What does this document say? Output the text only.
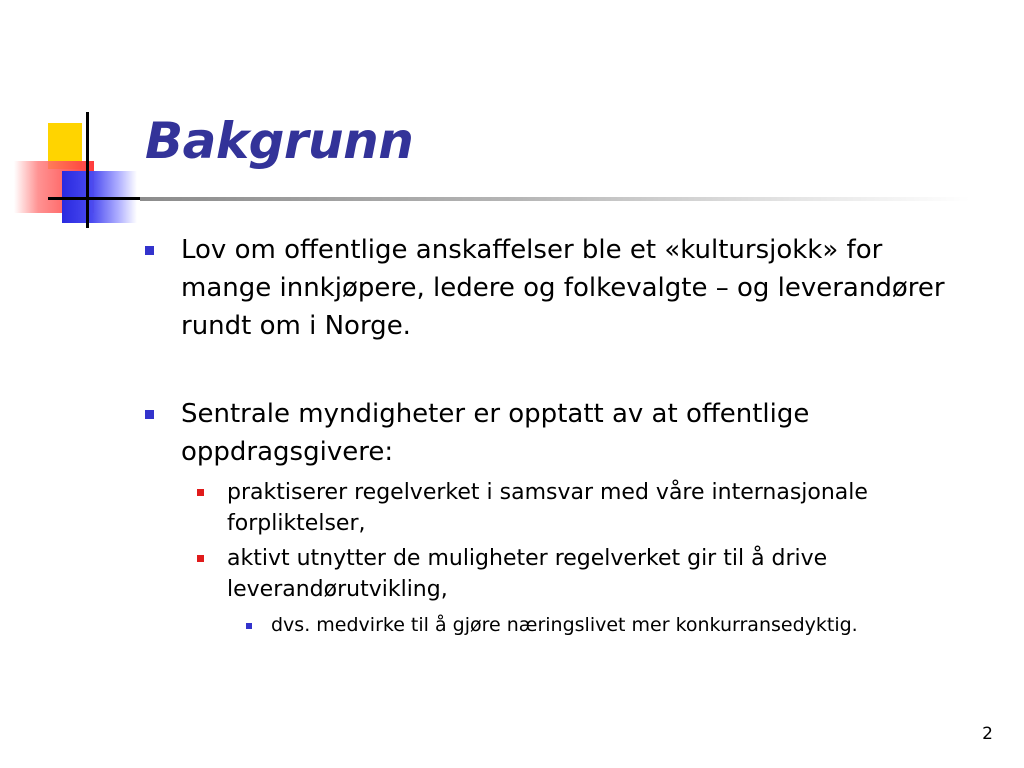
Bakgrunn
Lov om offentlige anskaffelser ble et «kultursjokk» for mange innkjøpere, ledere og folkevalgte – og leverandører rundt om i Norge.
Sentrale myndigheter er opptatt av at offentlige oppdragsgivere:
praktiserer regelverket i samsvar med våre internasjonale forpliktelser,
aktivt utnytter de muligheter regelverket gir til å drive leverandørutvikling,
dvs. medvirke til å gjøre næringslivet mer konkurransedyktig.
2
